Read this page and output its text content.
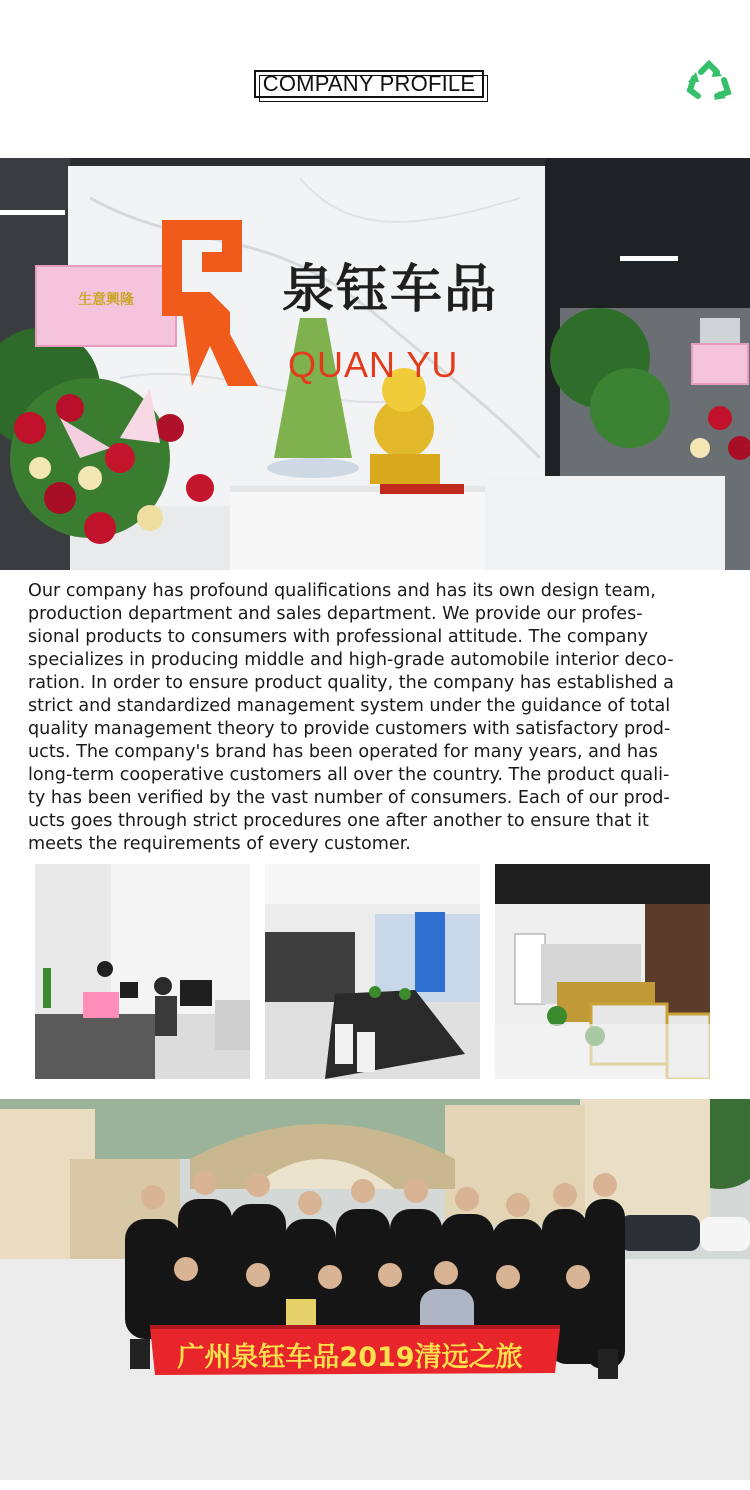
COMPANY PROFILE
生意興隆	泉钰车品
QUAN YU
Our company has profound qualifications and has its own design team,
production department and sales department. We provide our profes-
sional products to consumers with professional attitude. The company
specializes in producing middle and high-grade automobile interior deco-
ration. In order to ensure product quality, the company has established a
strict and standardized management system under the guidance of total
quality management theory to provide customers with satisfactory prod-
ucts. The company's brand has been operated for many years, and has
long-term cooperative customers all over the country. The product quali-
ty has been verified by the vast number of consumers. Each of our prod-
ucts goes through strict procedures one after another to ensure that it
meets the requirements of every customer.
广州泉钰车品2019清远之旅
